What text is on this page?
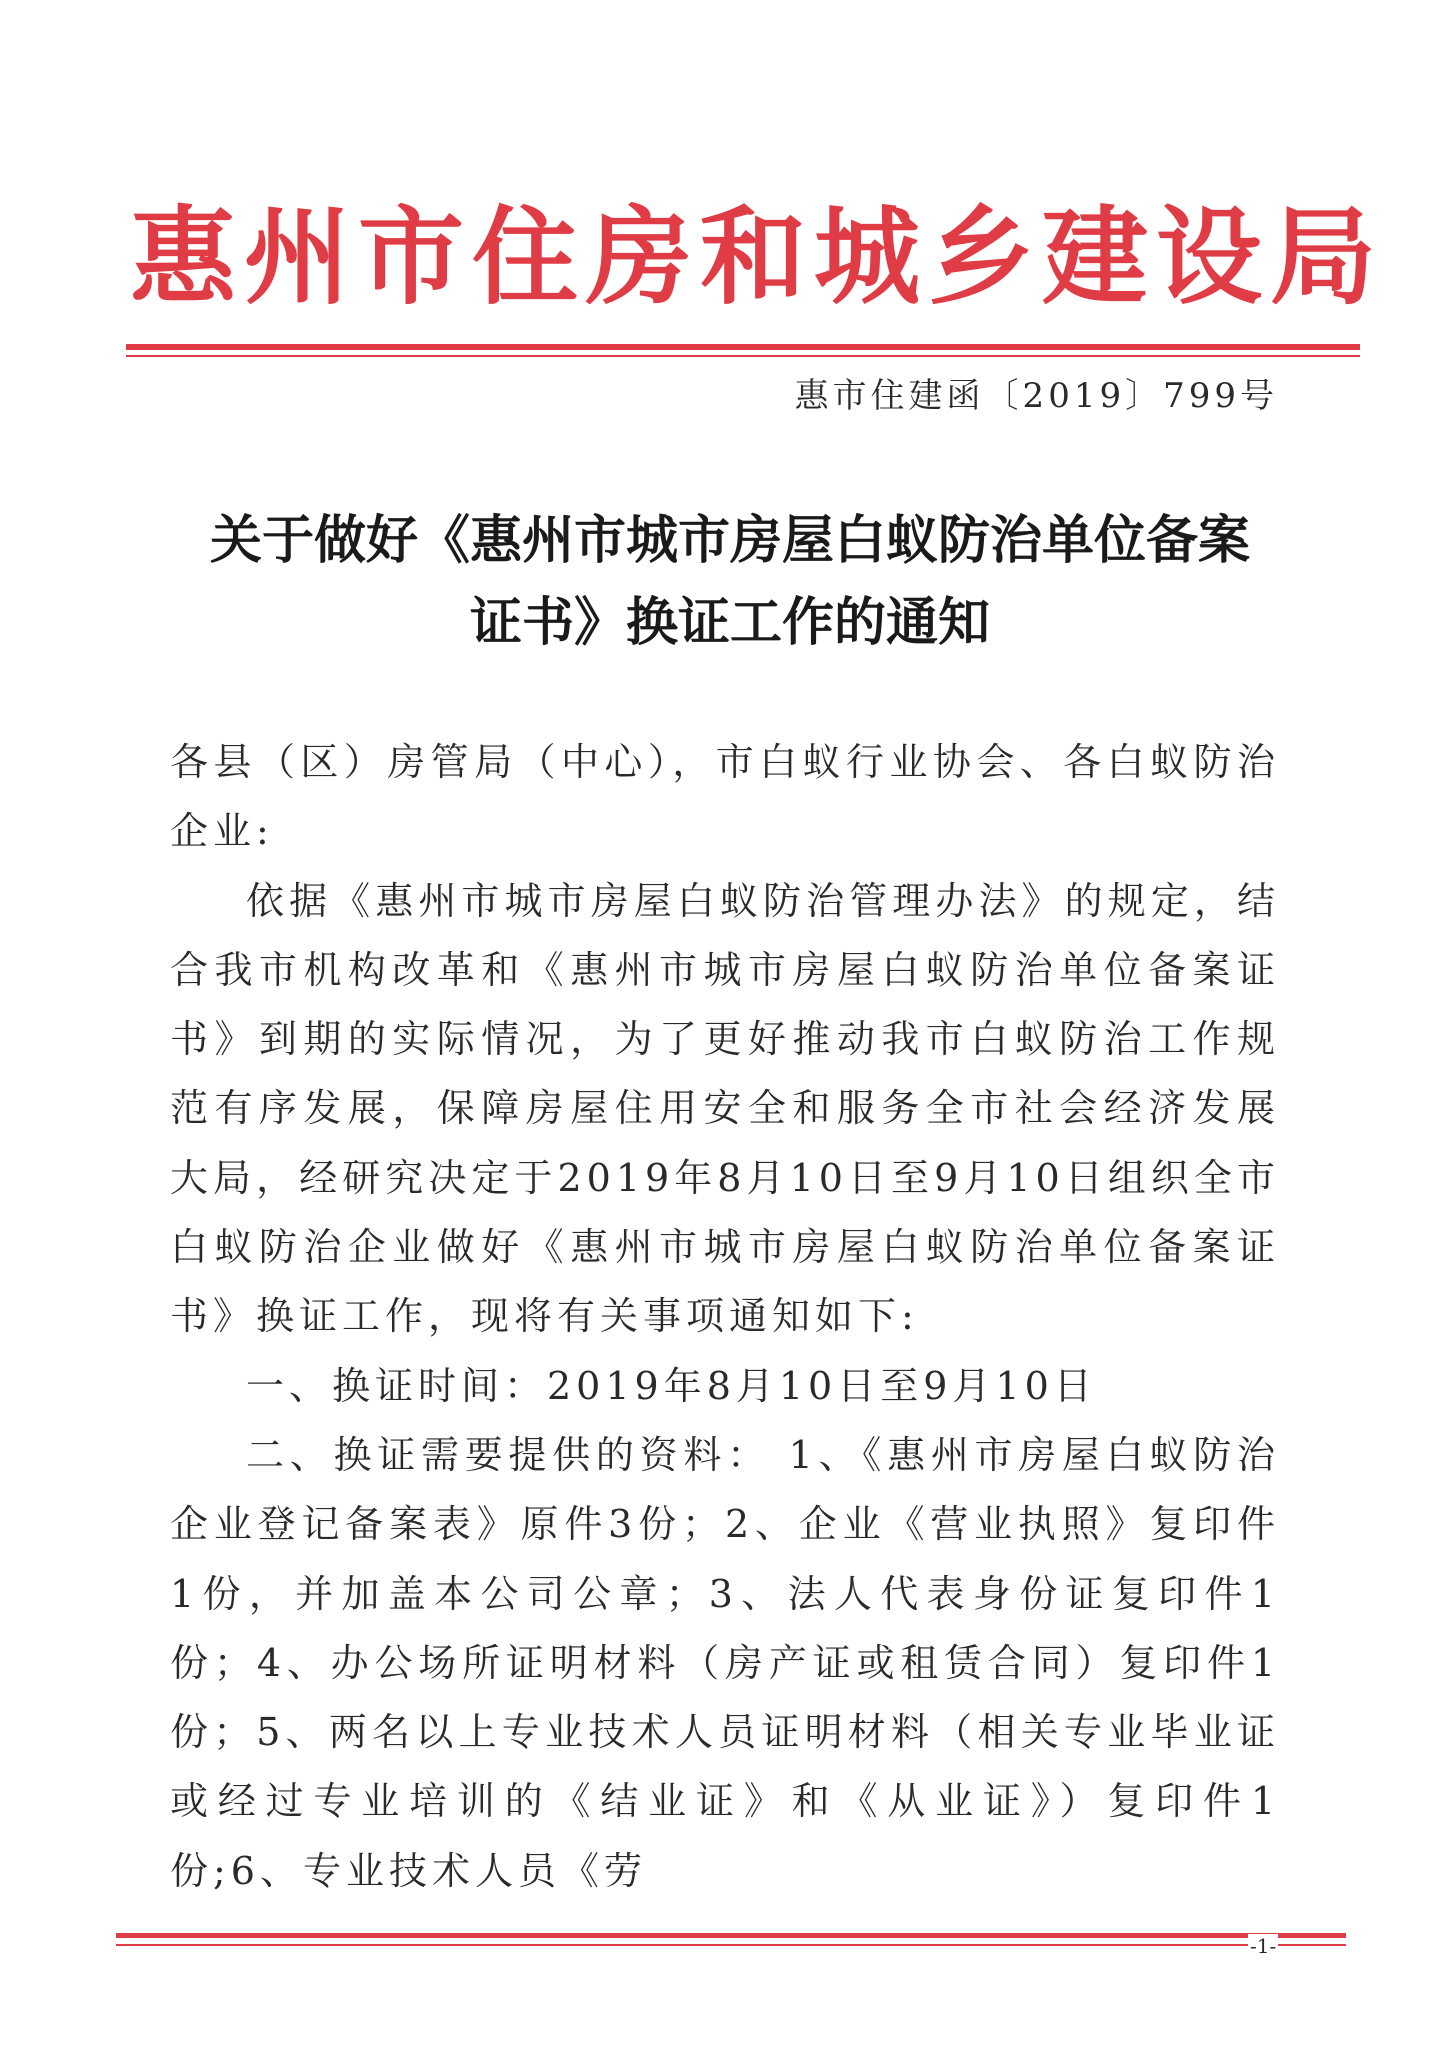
惠州市住房和城乡建设局
惠市住建函〔2019〕799号
关于做好《惠州市城市房屋白蚁防治单位备案
证书》换证工作的通知

各县（区）房管局（中心），市白蚁行业协会、各白蚁防治企业:

依据《惠州市城市房屋白蚁防治管理办法》的规定，结合我市机构改革和《惠州市城市房屋白蚁防治单位备案证书》到期的实际情况，为了更好推动我市白蚁防治工作规范有序发展，保障房屋住用安全和服务全市社会经济发展大局，经研究决定于2019年8月10日至9月10日组织全市白蚁防治企业做好《惠州市城市房屋白蚁防治单位备案证书》换证工作，现将有关事项通知如下:

一、换证时间：2019年8月10日至9月10日

二、换证需要提供的资料： 1、《惠州市房屋白蚁防治企业登记备案表》原件3份；2、企业《营业执照》复印件1份，并加盖本公司公章；3、法人代表身份证复印件1份；4、办公场所证明材料（房产证或租赁合同）复印件1份；5、两名以上专业技术人员证明材料（相关专业毕业证或经过专业培训的《结业证》和《从业证》）复印件1份;6、专业技术人员《劳

-1-
